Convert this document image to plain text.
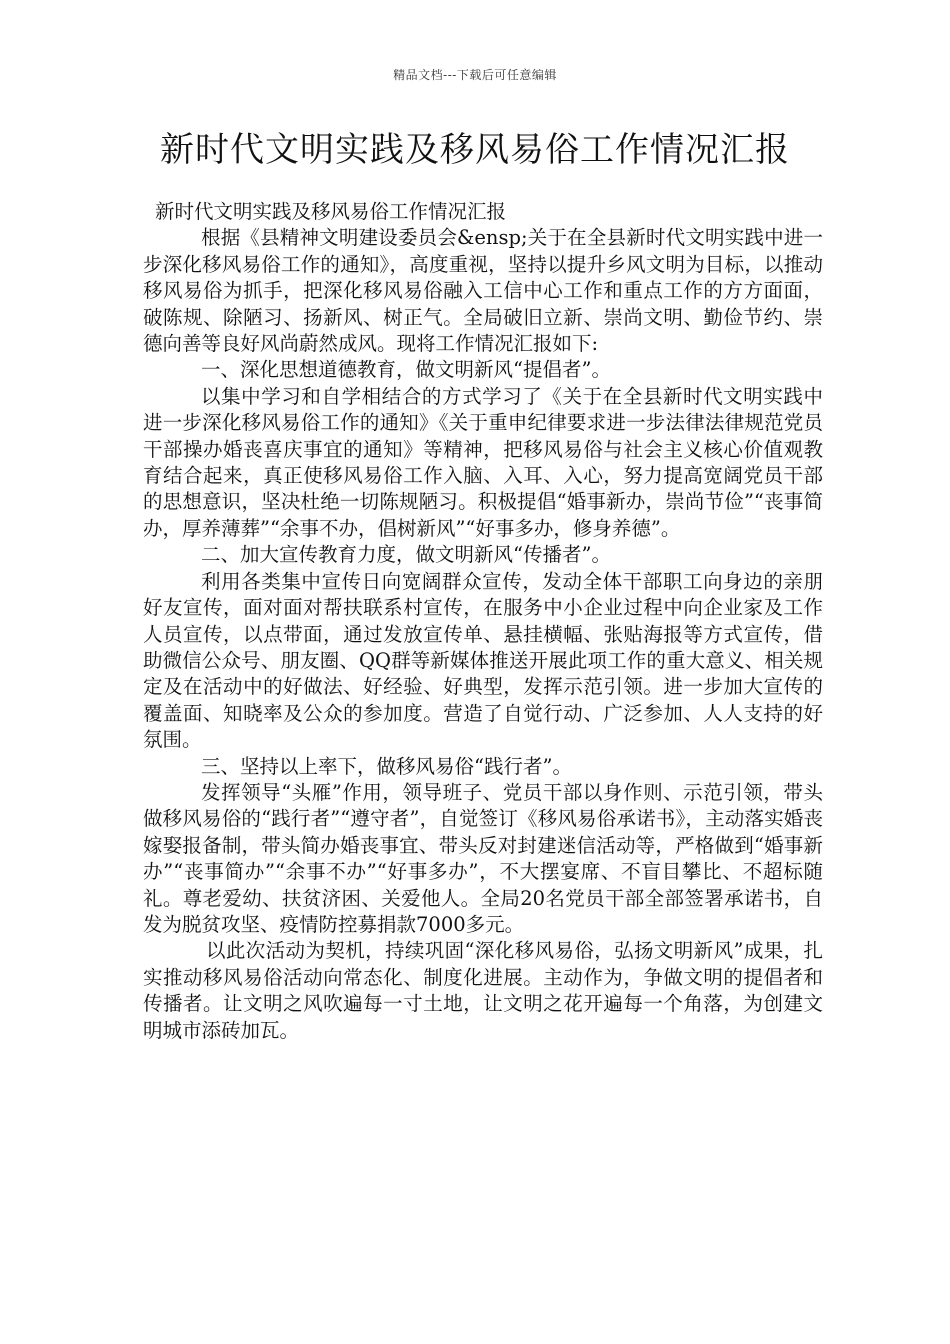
精品文档---下载后可任意编辑
新时代文明实践及移风易俗工作情况汇报

新时代文明实践及移风易俗工作情况汇报

根据《县精神文明建设委员会&ensp;关于在全县新时代文明实践中进一步深化移风易俗工作的通知》，高度重视，坚持以提升乡风文明为目标，以推动移风易俗为抓手，把深化移风易俗融入工信中心工作和重点工作的方方面面，破陈规、除陋习、扬新风、树正气。全局破旧立新、崇尚文明、勤俭节约、崇德向善等良好风尚蔚然成风。现将工作情况汇报如下:

一、深化思想道德教育，做文明新风“提倡者”。

以集中学习和自学相结合的方式学习了《关于在全县新时代文明实践中进一步深化移风易俗工作的通知》《关于重申纪律要求进一步法律法律规范党员干部操办婚丧喜庆事宜的通知》等精神，把移风易俗与社会主义核心价值观教育结合起来，真正使移风易俗工作入脑、入耳、入心，努力提高宽阔党员干部的思想意识，坚决杜绝一切陈规陋习。积极提倡“婚事新办，崇尚节俭”“丧事简办，厚养薄葬”“余事不办，倡树新风”“好事多办，修身养德”。

二、加大宣传教育力度，做文明新风“传播者”。

利用各类集中宣传日向宽阔群众宣传，发动全体干部职工向身边的亲朋好友宣传，面对面对帮扶联系村宣传，在服务中小企业过程中向企业家及工作人员宣传，以点带面，通过发放宣传单、悬挂横幅、张贴海报等方式宣传，借助微信公众号、朋友圈、QQ群等新媒体推送开展此项工作的重大意义、相关规定及在活动中的好做法、好经验、好典型，发挥示范引领。进一步加大宣传的覆盖面、知晓率及公众的参加度。营造了自觉行动、广泛参加、人人支持的好氛围。

三、坚持以上率下，做移风易俗“践行者”。

发挥领导“头雁”作用，领导班子、党员干部以身作则、示范引领，带头做移风易俗的“践行者”“遵守者”，自觉签订《移风易俗承诺书》，主动落实婚丧嫁娶报备制，带头简办婚丧事宜、带头反对封建迷信活动等，严格做到“婚事新办”“丧事简办”“余事不办”“好事多办”，不大摆宴席、不盲目攀比、不超标随礼。尊老爱幼、扶贫济困、关爱他人。全局20名党员干部全部签署承诺书，自发为脱贫攻坚、疫情防控募捐款7000多元。

以此次活动为契机，持续巩固“深化移风易俗，弘扬文明新风”成果，扎实推动移风易俗活动向常态化、制度化进展。主动作为，争做文明的提倡者和传播者。让文明之风吹遍每一寸土地，让文明之花开遍每一个角落，为创建文明城市添砖加瓦。
